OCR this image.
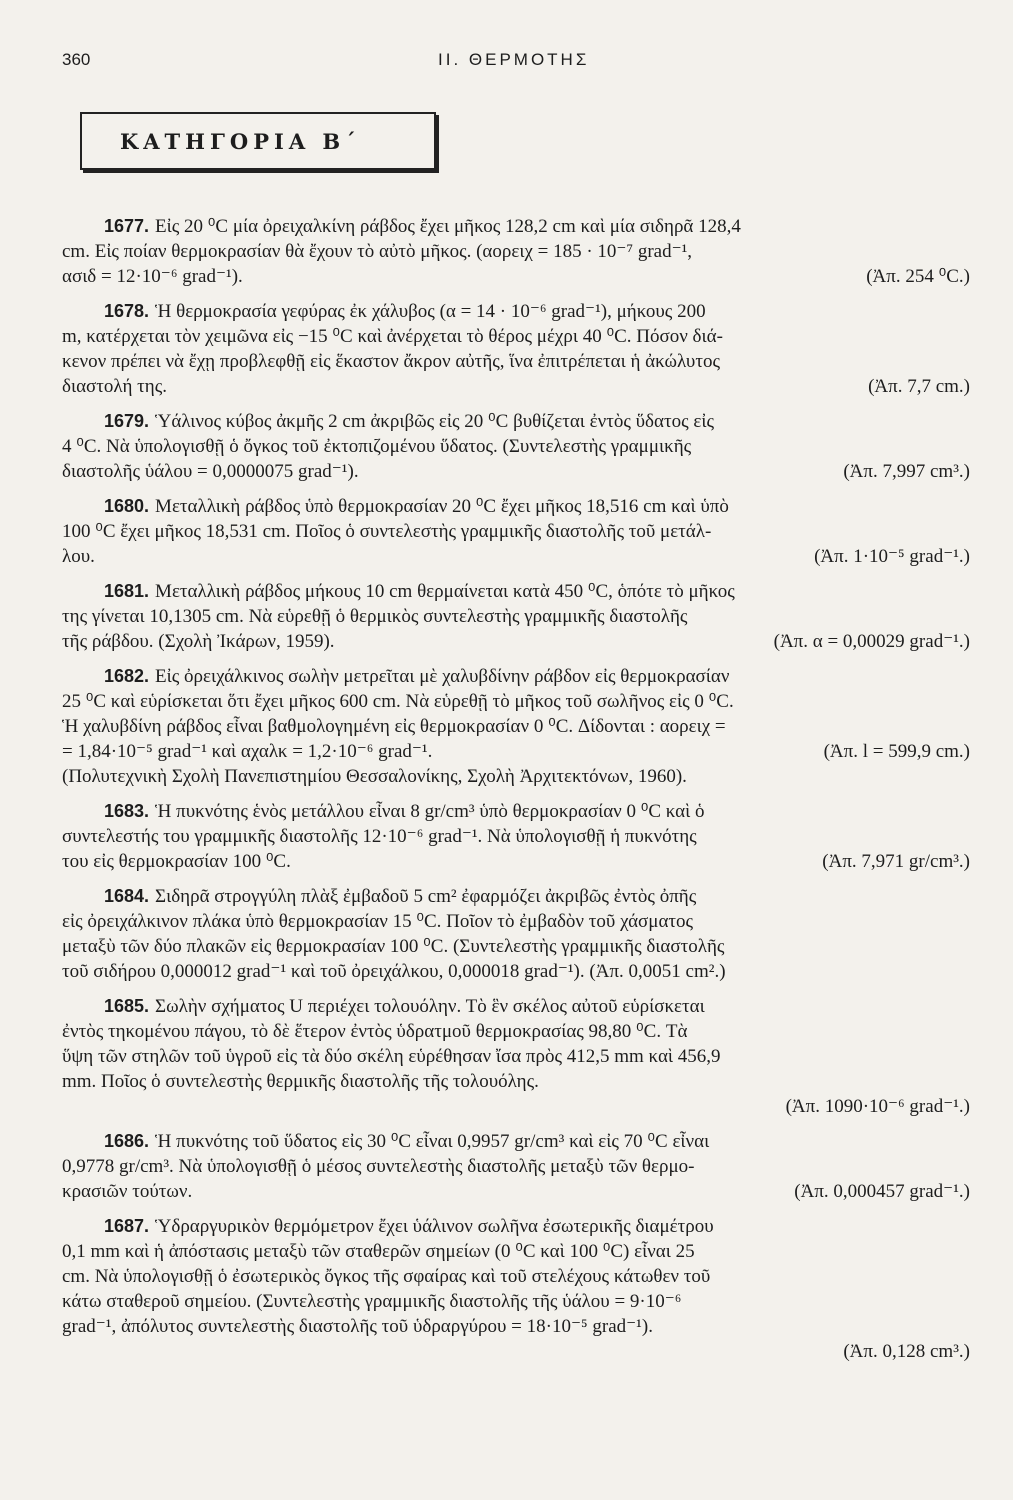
360	ΙΙ. ΘΕΡΜΟΤΗΣ
ΚΑΤΗΓΟΡΙΑ Β΄
1677. Εἰς 20 ⁰C μία ὀρειχαλκίνη ράβδος ἔχει μῆκος 128,2 cm καὶ μία σιδηρᾶ 128,4
cm. Εἰς ποίαν θερμοκρασίαν θὰ ἔχουν τὸ αὐτὸ μῆκος. (αορειχ = 185 · 10⁻⁷ grad⁻¹,
ασιδ = 12·10⁻⁶ grad⁻¹).	(Ἀπ. 254 ⁰C.)
1678. Ἡ θερμοκρασία γεφύρας ἐκ χάλυβος (α = 14 · 10⁻⁶ grad⁻¹), μήκους 200
m, κατέρχεται τὸν χειμῶνα εἰς −15 ⁰C καὶ ἀνέρχεται τὸ θέρος μέχρι 40 ⁰C. Πόσον διά-
κενον πρέπει νὰ ἔχῃ προβλεφθῇ εἰς ἕκαστον ἄκρον αὐτῆς, ἵνα ἐπιτρέπεται ἡ ἀκώλυτος
διαστολή της.	(Ἀπ. 7,7 cm.)
1679. Ὑάλινος κύβος ἀκμῆς 2 cm ἀκριβῶς εἰς 20 ⁰C βυθίζεται ἐντὸς ὕδατος εἰς
4 ⁰C. Νὰ ὑπολογισθῇ ὁ ὄγκος τοῦ ἐκτοπιζομένου ὕδατος. (Συντελεστὴς γραμμικῆς
διαστολῆς ὑάλου = 0,0000075 grad⁻¹).	(Ἀπ. 7,997 cm³.)
1680. Μεταλλικὴ ράβδος ὑπὸ θερμοκρασίαν 20 ⁰C ἔχει μῆκος 18,516 cm καὶ ὑπὸ
100 ⁰C ἔχει μῆκος 18,531 cm. Ποῖος ὁ συντελεστὴς γραμμικῆς διαστολῆς τοῦ μετάλ-
λου.	(Ἀπ. 1·10⁻⁵ grad⁻¹.)
1681. Μεταλλικὴ ράβδος μήκους 10 cm θερμαίνεται κατὰ 450 ⁰C, ὁπότε τὸ μῆκος
της γίνεται 10,1305 cm. Νὰ εὑρεθῇ ὁ θερμικὸς συντελεστὴς γραμμικῆς διαστολῆς
τῆς ράβδου. (Σχολὴ Ἰκάρων, 1959).	(Ἀπ. α = 0,00029 grad⁻¹.)
1682. Εἰς ὀρειχάλκινος σωλὴν μετρεῖται μὲ χαλυβδίνην ράβδον εἰς θερμοκρασίαν
25 ⁰C καὶ εὑρίσκεται ὅτι ἔχει μῆκος 600 cm. Νὰ εὑρεθῇ τὸ μῆκος τοῦ σωλῆνος εἰς 0 ⁰C.
Ἡ χαλυβδίνη ράβδος εἶναι βαθμολογημένη εἰς θερμοκρασίαν 0 ⁰C. Δίδονται : αορειχ =
= 1,84·10⁻⁵ grad⁻¹ καὶ αχαλκ = 1,2·10⁻⁶ grad⁻¹.	(Ἀπ. l = 599,9 cm.)
(Πολυτεχνικὴ Σχολὴ Πανεπιστημίου Θεσσαλονίκης, Σχολὴ Ἀρχιτεκτόνων, 1960).
1683. Ἡ πυκνότης ἑνὸς μετάλλου εἶναι 8 gr/cm³ ὑπὸ θερμοκρασίαν 0 ⁰C καὶ ὁ
συντελεστής του γραμμικῆς διαστολῆς 12·10⁻⁶ grad⁻¹. Νὰ ὑπολογισθῇ ἡ πυκνότης
του εἰς θερμοκρασίαν 100 ⁰C.	(Ἀπ. 7,971 gr/cm³.)
1684. Σιδηρᾶ στρογγύλη πλὰξ ἐμβαδοῦ 5 cm² ἐφαρμόζει ἀκριβῶς ἐντὸς ὀπῆς
εἰς ὀρειχάλκινον πλάκα ὑπὸ θερμοκρασίαν 15 ⁰C. Ποῖον τὸ ἐμβαδὸν τοῦ χάσματος
μεταξὺ τῶν δύο πλακῶν εἰς θερμοκρασίαν 100 ⁰C. (Συντελεστὴς γραμμικῆς διαστολῆς
τοῦ σιδήρου 0,000012 grad⁻¹ καὶ τοῦ ὀρειχάλκου, 0,000018 grad⁻¹). (Ἀπ. 0,0051 cm².)
1685. Σωλὴν σχήματος U περιέχει τολουόλην. Τὸ ἓν σκέλος αὐτοῦ εὑρίσκεται
ἐντὸς τηκομένου πάγου, τὸ δὲ ἕτερον ἐντὸς ὑδρατμοῦ θερμοκρασίας 98,80 ⁰C. Τὰ
ὕψη τῶν στηλῶν τοῦ ὑγροῦ εἰς τὰ δύο σκέλη εὑρέθησαν ἴσα πρὸς 412,5 mm καὶ 456,9
mm. Ποῖος ὁ συντελεστὴς θερμικῆς διαστολῆς τῆς τολουόλης.
(Ἀπ. 1090·10⁻⁶ grad⁻¹.)
1686. Ἡ πυκνότης τοῦ ὕδατος εἰς 30 ⁰C εἶναι 0,9957 gr/cm³ καὶ εἰς 70 ⁰C εἶναι
0,9778 gr/cm³. Νὰ ὑπολογισθῇ ὁ μέσος συντελεστὴς διαστολῆς μεταξὺ τῶν θερμο-
κρασιῶν τούτων.	(Ἀπ. 0,000457 grad⁻¹.)
1687. Ὑδραργυρικὸν θερμόμετρον ἔχει ὑάλινον σωλῆνα ἐσωτερικῆς διαμέτρου
0,1 mm καὶ ἡ ἀπόστασις μεταξὺ τῶν σταθερῶν σημείων (0 ⁰C καὶ 100 ⁰C) εἶναι 25
cm. Νὰ ὑπολογισθῇ ὁ ἐσωτερικὸς ὄγκος τῆς σφαίρας καὶ τοῦ στελέχους κάτωθεν τοῦ
κάτω σταθεροῦ σημείου. (Συντελεστὴς γραμμικῆς διαστολῆς τῆς ὑάλου = 9·10⁻⁶
grad⁻¹, ἀπόλυτος συντελεστὴς διαστολῆς τοῦ ὑδραργύρου = 18·10⁻⁵ grad⁻¹).
(Ἀπ. 0,128 cm³.)
